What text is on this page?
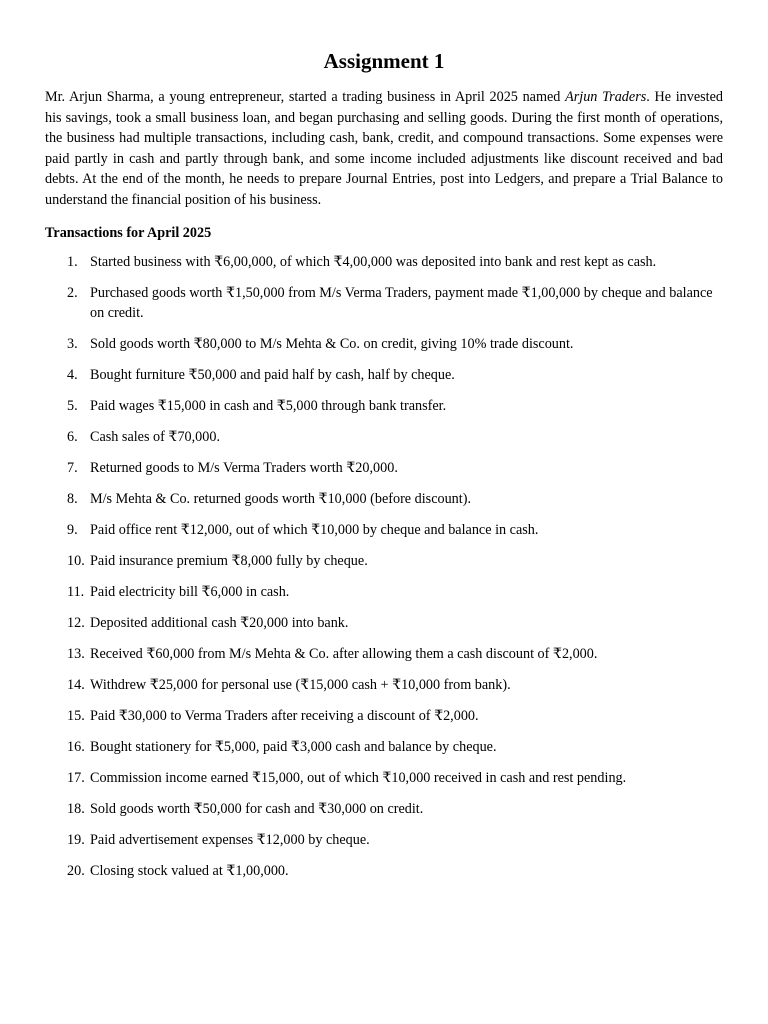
Assignment 1

Mr. Arjun Sharma, a young entrepreneur, started a trading business in April 2025 named Arjun Traders. He invested his savings, took a small business loan, and began purchasing and selling goods. During the first month of operations, the business had multiple transactions, including cash, bank, credit, and compound transactions. Some expenses were paid partly in cash and partly through bank, and some income included adjustments like discount received and bad debts. At the end of the month, he needs to prepare Journal Entries, post into Ledgers, and prepare a Trial Balance to understand the financial position of his business.

Transactions for April 2025
1. Started business with ₹6,00,000, of which ₹4,00,000 was deposited into bank and rest kept as cash.
2. Purchased goods worth ₹1,50,000 from M/s Verma Traders, payment made ₹1,00,000 by cheque and balance on credit.
3. Sold goods worth ₹80,000 to M/s Mehta & Co. on credit, giving 10% trade discount.
4. Bought furniture ₹50,000 and paid half by cash, half by cheque.
5. Paid wages ₹15,000 in cash and ₹5,000 through bank transfer.
6. Cash sales of ₹70,000.
7. Returned goods to M/s Verma Traders worth ₹20,000.
8. M/s Mehta & Co. returned goods worth ₹10,000 (before discount).
9. Paid office rent ₹12,000, out of which ₹10,000 by cheque and balance in cash.
10. Paid insurance premium ₹8,000 fully by cheque.
11. Paid electricity bill ₹6,000 in cash.
12. Deposited additional cash ₹20,000 into bank.
13. Received ₹60,000 from M/s Mehta & Co. after allowing them a cash discount of ₹2,000.
14. Withdrew ₹25,000 for personal use (₹15,000 cash + ₹10,000 from bank).
15. Paid ₹30,000 to Verma Traders after receiving a discount of ₹2,000.
16. Bought stationery for ₹5,000, paid ₹3,000 cash and balance by cheque.
17. Commission income earned ₹15,000, out of which ₹10,000 received in cash and rest pending.
18. Sold goods worth ₹50,000 for cash and ₹30,000 on credit.
19. Paid advertisement expenses ₹12,000 by cheque.
20. Closing stock valued at ₹1,00,000.
